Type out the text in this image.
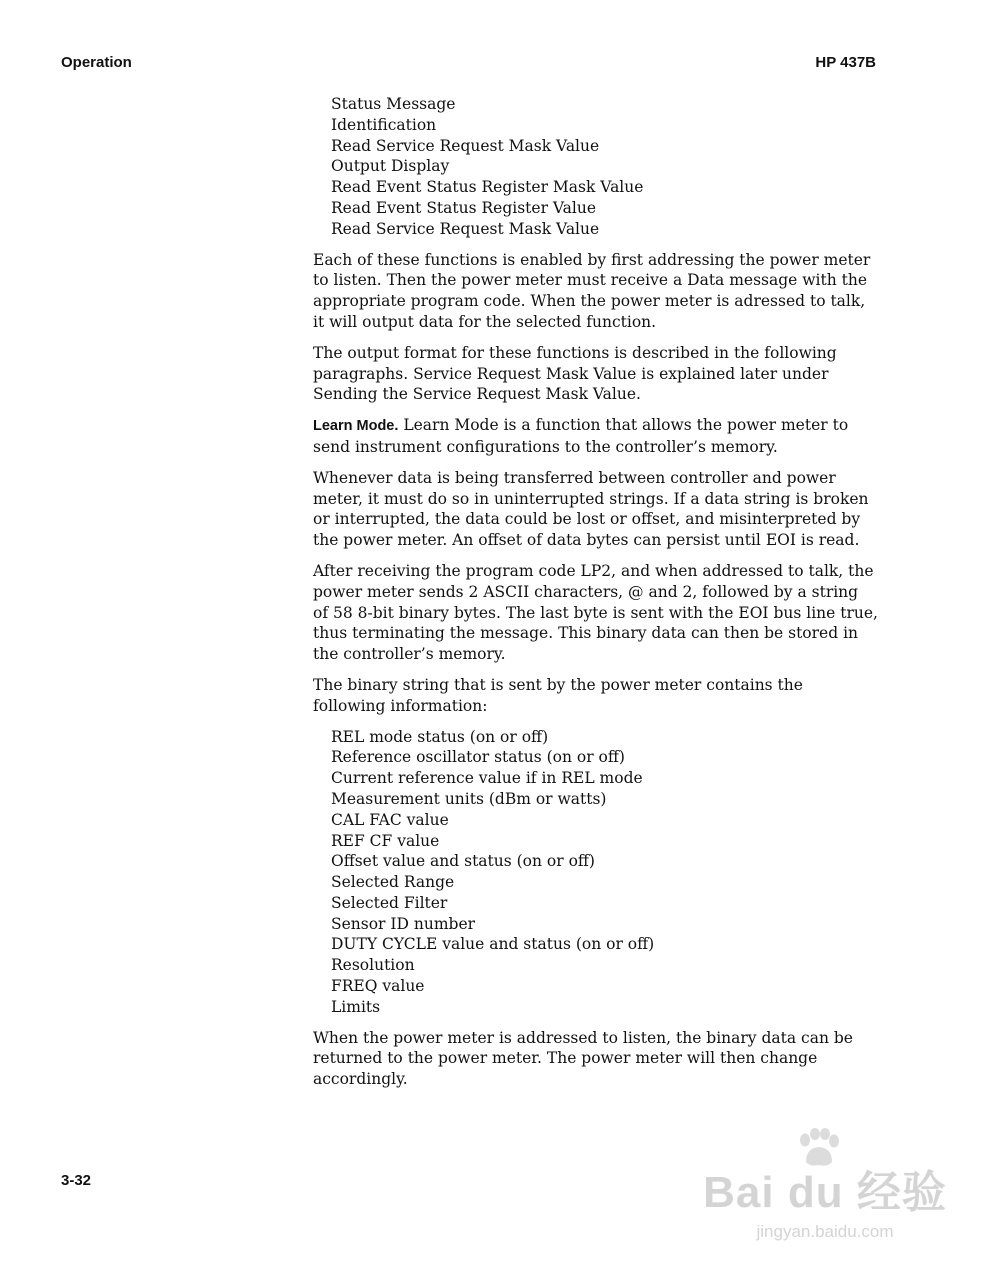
Operation	HP 437B
Status Message
Identification
Read Service Request Mask Value
Output Display
Read Event Status Register Mask Value
Read Event Status Register Value
Read Service Request Mask Value

Each of these functions is enabled by first addressing the power meter to listen. Then the power meter must receive a Data message with the appropriate program code. When the power meter is adressed to talk, it will output data for the selected function.

The output format for these functions is described in the following paragraphs. Service Request Mask Value is explained later under Sending the Service Request Mask Value.

Learn Mode. Learn Mode is a function that allows the power meter to send instrument configurations to the controller’s memory.

Whenever data is being transferred between controller and power meter, it must do so in uninterrupted strings. If a data string is broken or interrupted, the data could be lost or offset, and misinterpreted by the power meter. An offset of data bytes can persist until EOI is read.

After receiving the program code LP2, and when addressed to talk, the power meter sends 2 ASCII characters, @ and 2, followed by a string of 58 8-bit binary bytes. The last byte is sent with the EOI bus line true, thus terminating the message. This binary data can then be stored in the controller’s memory.

The binary string that is sent by the power meter contains the following information:

REL mode status (on or off)
Reference oscillator status (on or off)
Current reference value if in REL mode
Measurement units (dBm or watts)
CAL FAC value
REF CF value
Offset value and status (on or off)
Selected Range
Selected Filter
Sensor ID number
DUTY CYCLE value and status (on or off)
Resolution
FREQ value
Limits

When the power meter is addressed to listen, the binary data can be returned to the power meter. The power meter will then change accordingly.

3-32	Bai du 经验
jingyan.baidu.com
